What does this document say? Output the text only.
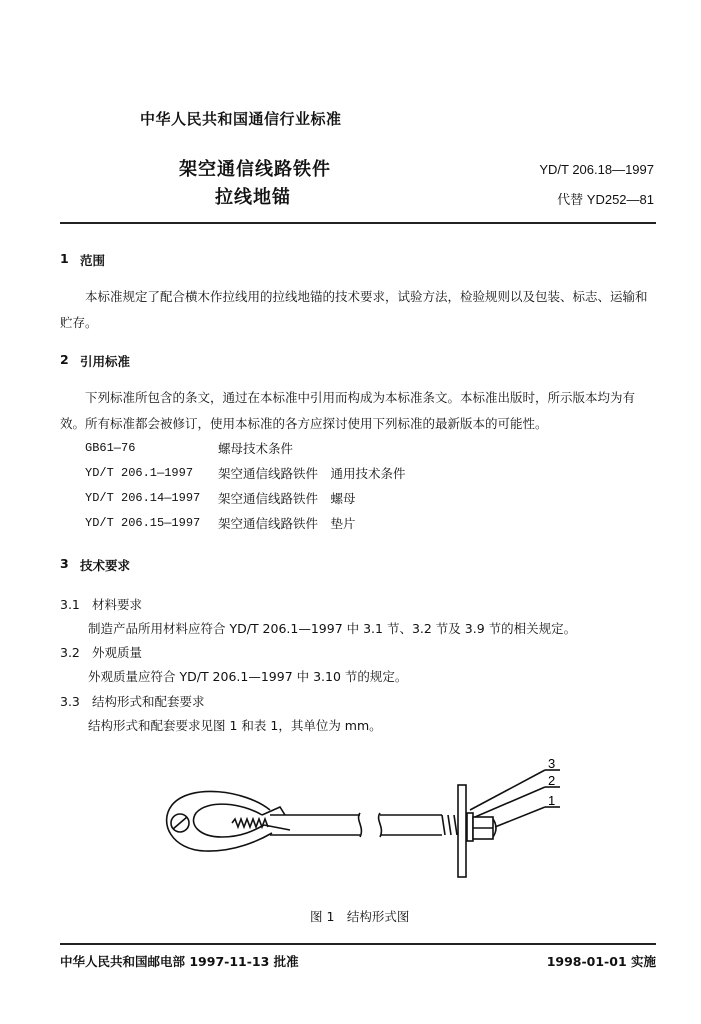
中华人民共和国通信行业标准
架空通信线路铁件
拉线地锚
YD/T 206.18—1997
代替 YD252—81
1 范围

本标准规定了配合横木作拉线用的拉线地锚的技术要求，试验方法，检验规则以及包装、标志、运输和贮存。

2 引用标准

下列标准所包含的条文，通过在本标准中引用而构成为本标准条文。本标准出版时，所示版本均为有效。所有标准都会被修订，使用本标准的各方应探讨使用下列标准的最新版本的可能性。

GB61—76	螺母技术条件
YD/T 206.1—1997 架空通信线路铁件　通用技术条件
YD/T 206.14—1997 架空通信线路铁件　螺母
YD/T 206.15—1997 架空通信线路铁件　垫片
3 技术要求
3.1 材料要求
制造产品所用材料应符合 YD/T 206.1—1997 中 3.1 节、3.2 节及 3.9 节的相关规定。
3.2 外观质量
外观质量应符合 YD/T 206.1—1997 中 3.10 节的规定。
3.3 结构形式和配套要求
结构形式和配套要求见图 1 和表 1，其单位为 mm。
3
2
1
图 1　结构形式图
中华人民共和国邮电部 1997-11-13 批准	1998-01-01 实施
